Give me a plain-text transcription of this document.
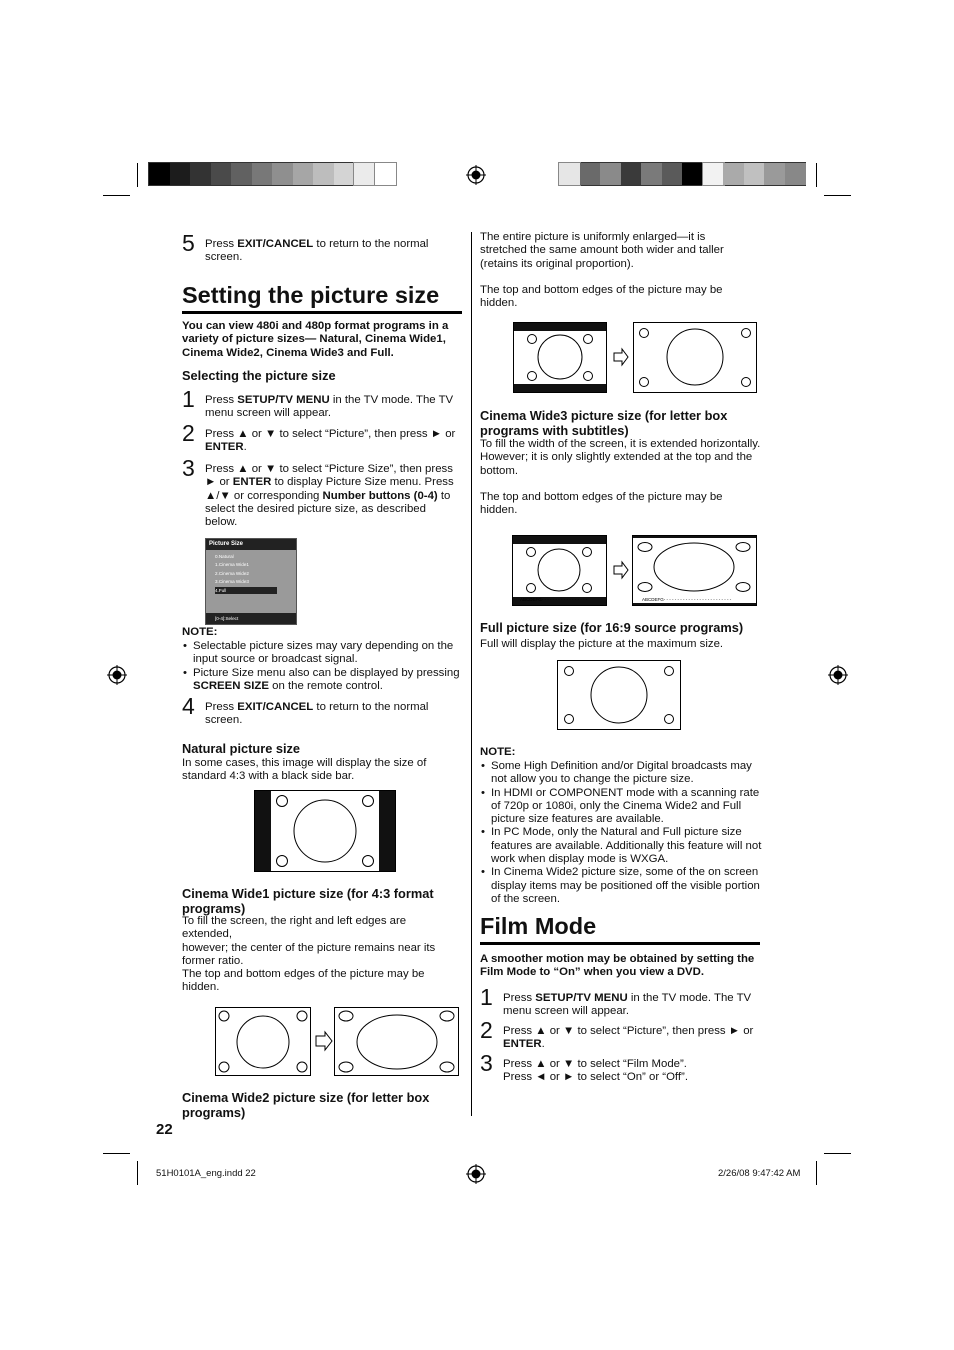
5 Press EXIT/CANCEL to return to the normal screen.
Setting the picture size
You can view 480i and 480p format programs in a variety of picture sizes— Natural, Cinema Wide1, Cinema Wide2, Cinema Wide3 and Full.
Selecting the picture size
1 Press SETUP/TV MENU in the TV mode. The TV menu screen will appear.
2 Press ▲ or ▼ to select “Picture”, then press ► or ENTER.
3 Press ▲ or ▼ to select “Picture Size”, then press ► or ENTER to display Picture Size menu. Press ▲/▼ or corresponding Number buttons (0-4) to select the desired picture size, as described below.
Picture Size
0.Natural
1.Cinema Wide1
2.Cinema Wide2
3.Cinema Wide3
4.Full
[0-4]:Select
NOTE:
• Selectable picture sizes may vary depending on the input source or broadcast signal.
• Picture Size menu also can be displayed by pressing SCREEN SIZE on the remote control.
4 Press EXIT/CANCEL to return to the normal screen.
Natural picture size
In some cases, this image will display the size of standard 4:3 with a black side bar.
Cinema Wide1 picture size (for 4:3 format programs)
To fill the screen, the right and left edges are extended,
however; the center of the picture remains near its former ratio.
The top and bottom edges of the picture may be hidden.
Cinema Wide2 picture size (for letter box programs)
22
The entire picture is uniformly enlarged—it is stretched the same amount both wider and taller (retains its original proportion).

The top and bottom edges of the picture may be hidden.
Cinema Wide3 picture size (for letter box programs with subtitles)
To fill the width of the screen, it is extended horizontally. However; it is only slightly extended at the top and the bottom.

The top and bottom edges of the picture may be hidden.
ABCDEFG- - - - - - - - - - - - - - - - -	ABCDEFG- - - - - - - - - - - - - - - - - - - - - - - - -
Full picture size (for 16:9 source programs)
Full will display the picture at the maximum size.
NOTE:
• Some High Definition and/or Digital broadcasts may not allow you to change the picture size.
• In HDMI or COMPONENT mode with a scanning rate of 720p or 1080i, only the Cinema Wide2 and Full picture size features are available.
• In PC Mode, only the Natural and Full picture size features are available. Additionally this feature will not work when display mode is WXGA.
• In Cinema Wide2 picture size, some of the on screen display items may be positioned off the visible portion of the screen.
Film Mode
A smoother motion may be obtained by setting the Film Mode to “On” when you view a DVD.
1 Press SETUP/TV MENU in the TV mode. The TV menu screen will appear.
2 Press ▲ or ▼ to select “Picture”, then press ► or ENTER.
3 Press ▲ or ▼ to select “Film Mode”.
Press ◄ or ► to select “On” or “Off”.
51H0101A_eng.indd 22	2/26/08 9:47:42 AM
